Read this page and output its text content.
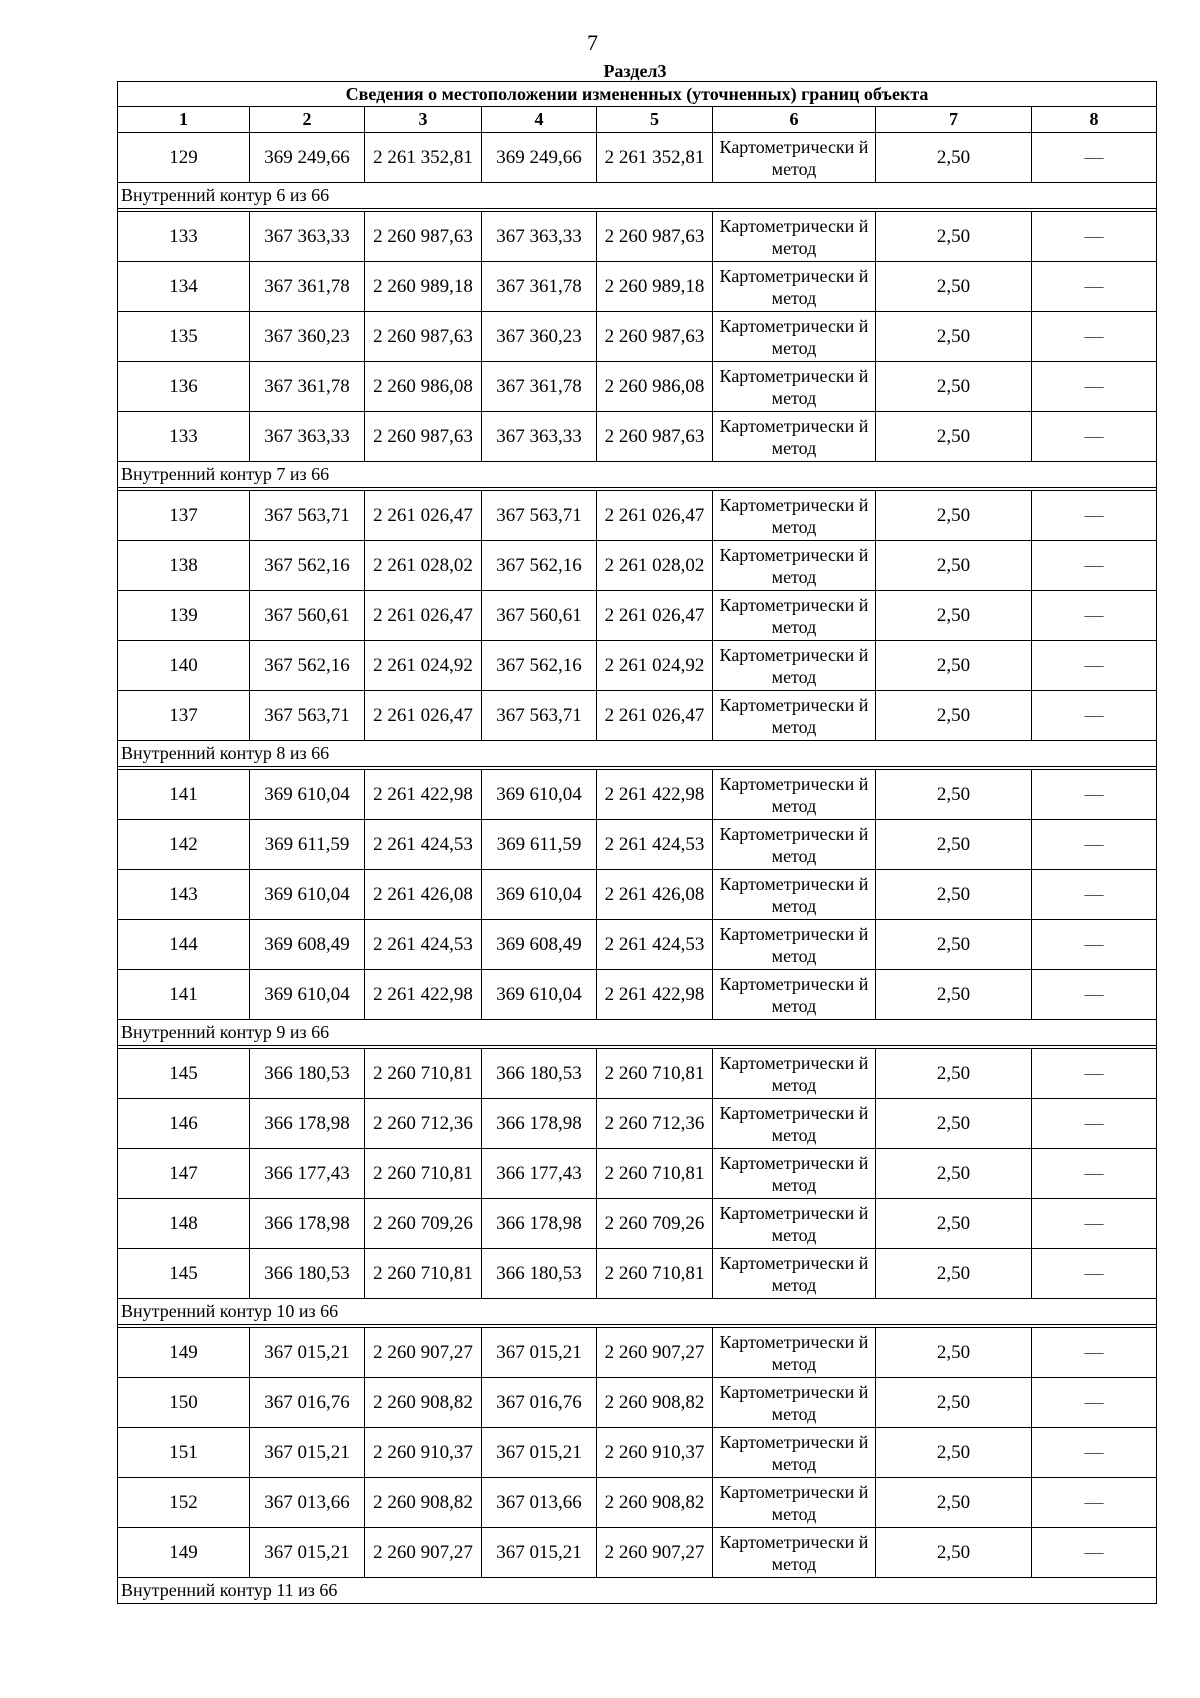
7
Раздел3
Сведения о местоположении измененных (уточненных) границ объекта							
1	2	3	4	5	6	7	8
129	369 249,66	2 261 352,81	369 249,66	2 261 352,81	Картометрически й метод	2,50	—
Внутренний контур 6 из 66							

133	367 363,33	2 260 987,63	367 363,33	2 260 987,63	Картометрически й метод	2,50	—
134	367 361,78	2 260 989,18	367 361,78	2 260 989,18	Картометрически й метод	2,50	—
135	367 360,23	2 260 987,63	367 360,23	2 260 987,63	Картометрически й метод	2,50	—
136	367 361,78	2 260 986,08	367 361,78	2 260 986,08	Картометрически й метод	2,50	—
133	367 363,33	2 260 987,63	367 363,33	2 260 987,63	Картометрически й метод	2,50	—
Внутренний контур 7 из 66							

137	367 563,71	2 261 026,47	367 563,71	2 261 026,47	Картометрически й метод	2,50	—
138	367 562,16	2 261 028,02	367 562,16	2 261 028,02	Картометрически й метод	2,50	—
139	367 560,61	2 261 026,47	367 560,61	2 261 026,47	Картометрически й метод	2,50	—
140	367 562,16	2 261 024,92	367 562,16	2 261 024,92	Картометрически й метод	2,50	—
137	367 563,71	2 261 026,47	367 563,71	2 261 026,47	Картометрически й метод	2,50	—
Внутренний контур 8 из 66							

141	369 610,04	2 261 422,98	369 610,04	2 261 422,98	Картометрически й метод	2,50	—
142	369 611,59	2 261 424,53	369 611,59	2 261 424,53	Картометрически й метод	2,50	—
143	369 610,04	2 261 426,08	369 610,04	2 261 426,08	Картометрически й метод	2,50	—
144	369 608,49	2 261 424,53	369 608,49	2 261 424,53	Картометрически й метод	2,50	—
141	369 610,04	2 261 422,98	369 610,04	2 261 422,98	Картометрически й метод	2,50	—
Внутренний контур 9 из 66							

145	366 180,53	2 260 710,81	366 180,53	2 260 710,81	Картометрически й метод	2,50	—
146	366 178,98	2 260 712,36	366 178,98	2 260 712,36	Картометрически й метод	2,50	—
147	366 177,43	2 260 710,81	366 177,43	2 260 710,81	Картометрически й метод	2,50	—
148	366 178,98	2 260 709,26	366 178,98	2 260 709,26	Картометрически й метод	2,50	—
145	366 180,53	2 260 710,81	366 180,53	2 260 710,81	Картометрически й метод	2,50	—
Внутренний контур 10 из 66							

149	367 015,21	2 260 907,27	367 015,21	2 260 907,27	Картометрически й метод	2,50	—
150	367 016,76	2 260 908,82	367 016,76	2 260 908,82	Картометрически й метод	2,50	—
151	367 015,21	2 260 910,37	367 015,21	2 260 910,37	Картометрически й метод	2,50	—
152	367 013,66	2 260 908,82	367 013,66	2 260 908,82	Картометрически й метод	2,50	—
149	367 015,21	2 260 907,27	367 015,21	2 260 907,27	Картометрически й метод	2,50	—
Внутренний контур 11 из 66							
